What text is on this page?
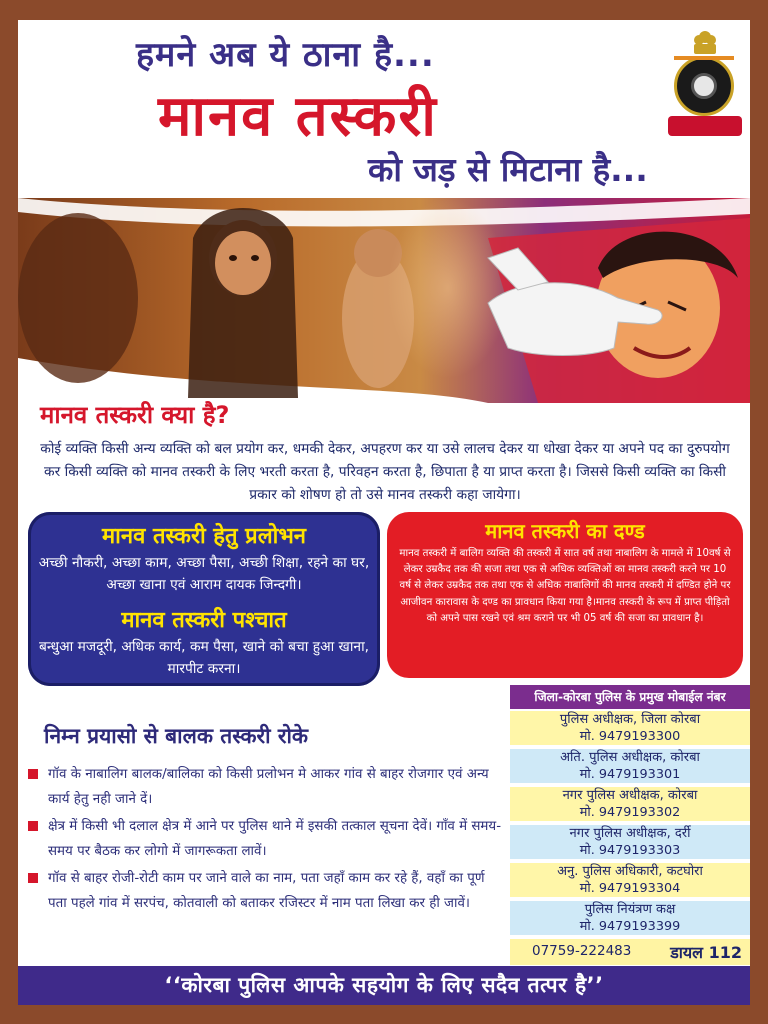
हमने अब ये ठाना है...
मानव तस्करी
को जड़ से मिटाना है...
मानव तस्करी क्या है?
कोई व्यक्ति किसी अन्य व्यक्ति को बल प्रयोग कर, धमकी देकर, अपहरण कर या उसे लालच देकर या धोखा देकर या अपने पद का दुरुपयोग कर किसी व्यक्ति को मानव तस्करी के लिए भरती करता है, परिवहन करता है, छिपाता है या प्राप्त करता है। जिससे किसी व्यक्ति का किसी प्रकार को शोषण हो तो उसे मानव तस्करी कहा जायेगा।
मानव तस्करी हेतु प्रलोभन
अच्छी नौकरी, अच्छा काम, अच्छा पैसा, अच्छी शिक्षा, रहने का घर, अच्छा खाना एवं आराम दायक जिन्दगी।
मानव तस्करी पश्चात
बन्धुआ मजदूरी, अधिक कार्य, कम पैसा, खाने को बचा हुआ खाना, मारपीट करना।
मानव तस्करी का दण्ड
मानव तस्करी में बालिग व्यक्ति की तस्करी में सात वर्ष तथा नाबालिग के मामले में 10वर्ष से लेकर उम्रकैद तक की सजा तथा एक से अधिक व्यक्तिओं का मानव तस्करी करने पर 10 वर्ष से लेकर उम्रकैद तक तथा एक से अधिक नाबालिगों की मानव तस्करी में दण्डित होने पर आजीवन कारावास के दण्ड का प्रावधान किया गया है।मानव तस्करी के रूप में प्राप्त पीड़ितो को अपने पास रखने एवं श्रम कराने पर भी 05 वर्ष की सजा का प्रावधान है।
निम्न प्रयासो से बालक तस्करी रोके
गॉव के नाबालिग बालक/बालिका को किसी प्रलोभन मे आकर गांव से बाहर रोजगार एवं अन्य कार्य हेतु नही जाने दें।
क्षेत्र में किसी भी दलाल क्षेत्र में आने पर पुलिस थाने में इसकी तत्काल सूचना देवें। गाँव में समय-समय पर बैठक कर लोगो में जागरूकता लावें।
गॉव से बाहर रोजी-रोटी काम पर जाने वाले का नाम, पता जहाँ काम कर रहे हैं, वहाँ का पूर्ण पता पहले गांव में सरपंच, कोतवाली को बताकर रजिस्टर में नाम पता लिखा कर ही जावें।
जिला-कोरबा पुलिस के प्रमुख मोबाईल नंबर
पुलिस अधीक्षक, जिला कोरबा
मो. 9479193300
अति. पुलिस अधीक्षक, कोरबा
मो. 9479193301
नगर पुलिस अधीक्षक, कोरबा
मो. 9479193302
नगर पुलिस अधीक्षक, दर्री
मो. 9479193303
अनु. पुलिस अधिकारी, कटघोरा
मो. 9479193304
पुलिस नियंत्रण कक्ष
मो. 9479193399
07759-222483 डायल 112
‘‘कोरबा पुलिस आपके सहयोग के लिए सदैव तत्पर है’’
